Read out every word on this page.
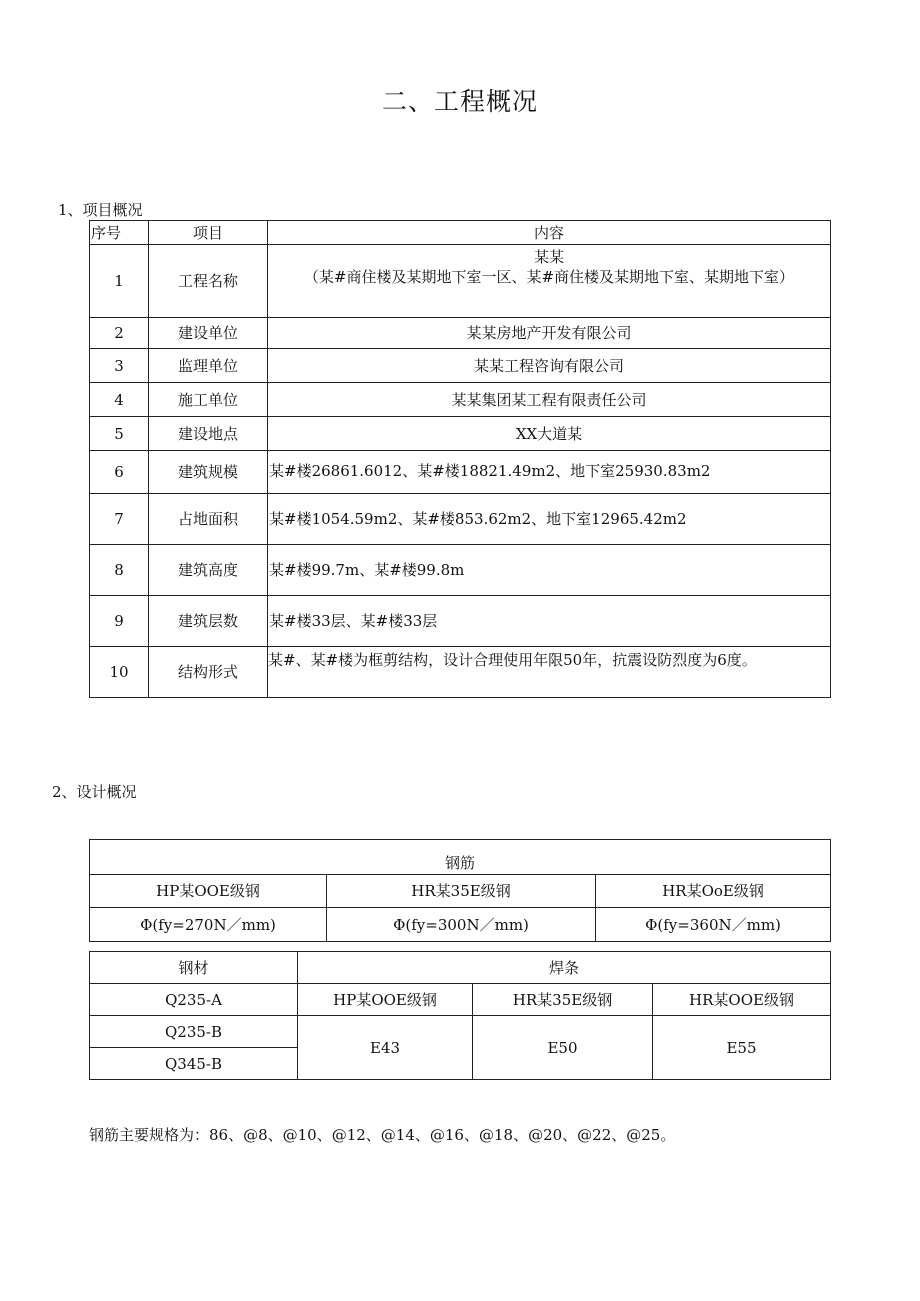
二、工程概况
1、项目概况
序号	项目	内容
1	工程名称	某某
（某#商住楼及某期地下室一区、某#商住楼及某期地下室、某期地下室）

2	建设单位	某某房地产开发有限公司
3	监理单位	某某工程咨询有限公司
4	施工单位	某某集团某工程有限责任公司
5	建设地点	XX大道某
6	建筑规模	某#楼26861.6012、某#楼18821.49m2、地下室25930.83m2
7	占地面积	某#楼1054.59m2、某#楼853.62m2、地下室12965.42m2
8	建筑高度	某#楼99.7m、某#楼99.8m
9	建筑层数	某#楼33层、某#楼33层
10	结构形式	某#、某#楼为框剪结构，设计合理使用年限50年，抗震设防烈度为6度。
2、设计概况
钢筋		
HP某OOE级钢	HR某35E级钢	HR某OoE级钢
Φ(fy=270N／mm)	Φ(fy=300N／mm)	Φ(fy=360N／mm)
钢材	焊条		
Q235-A	HP某OOE级钢	HR某35E级钢	HR某OOE级钢
Q235-B	E43	E50	E55
Q345-B			
钢筋主要规格为：86、@8、@10、@12、@14、@16、@18、@20、@22、@25。
